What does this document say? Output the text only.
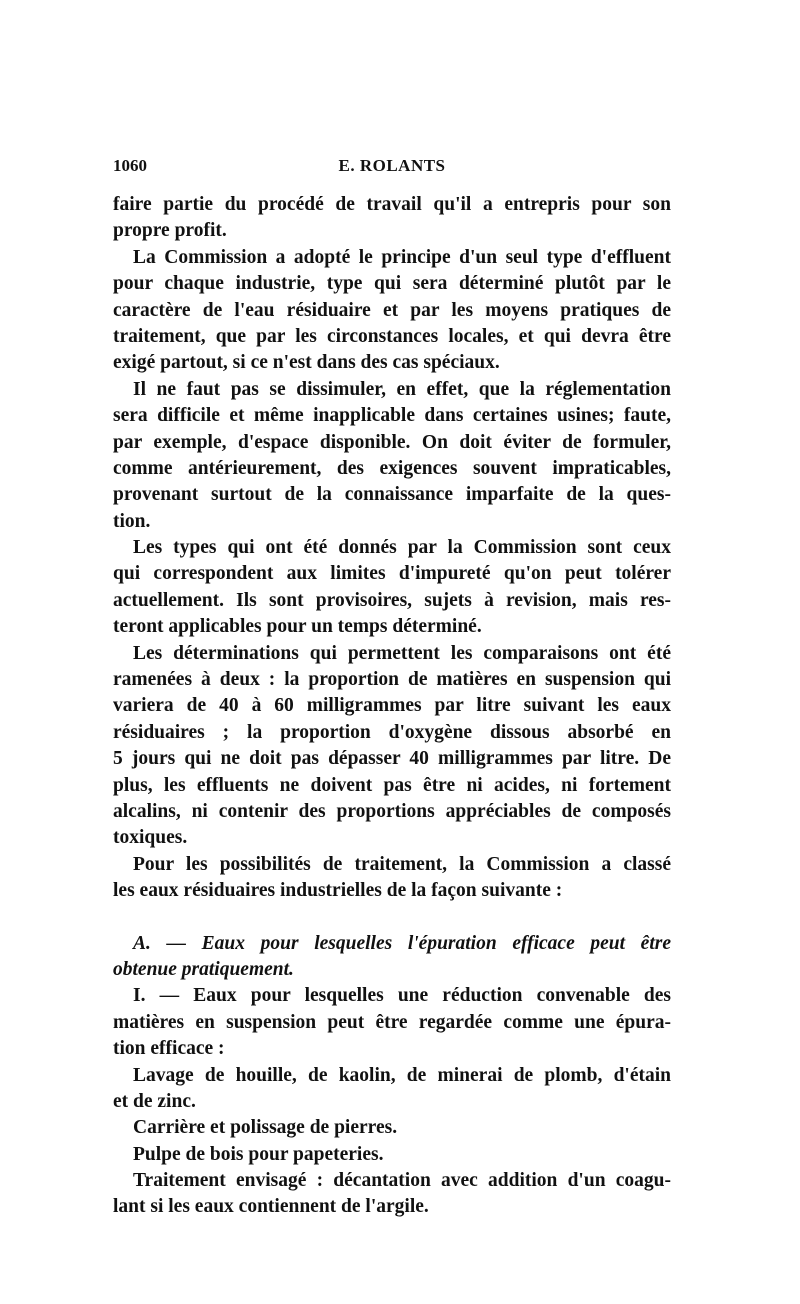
1060	E. ROLANTS
faire partie du procédé de travail qu'il a entrepris pour son
propre profit.
La Commission a adopté le principe d'un seul type d'effluent
pour chaque industrie, type qui sera déterminé plutôt par le
caractère de l'eau résiduaire et par les moyens pratiques de
traitement, que par les circonstances locales, et qui devra être
exigé partout, si ce n'est dans des cas spéciaux.
Il ne faut pas se dissimuler, en effet, que la réglementation
sera difficile et même inapplicable dans certaines usines; faute,
par exemple, d'espace disponible. On doit éviter de formuler,
comme antérieurement, des exigences souvent impraticables,
provenant surtout de la connaissance imparfaite de la ques-
tion.
Les types qui ont été donnés par la Commission sont ceux
qui correspondent aux limites d'impureté qu'on peut tolérer
actuellement. Ils sont provisoires, sujets à revision, mais res-
teront applicables pour un temps déterminé.
Les déterminations qui permettent les comparaisons ont été
ramenées à deux : la proportion de matières en suspension qui
variera de 40 à 60 milligrammes par litre suivant les eaux
résiduaires ; la proportion d'oxygène dissous absorbé en
5 jours qui ne doit pas dépasser 40 milligrammes par litre. De
plus, les effluents ne doivent pas être ni acides, ni fortement
alcalins, ni contenir des proportions appréciables de composés
toxiques.
Pour les possibilités de traitement, la Commission a classé
les eaux résiduaires industrielles de la façon suivante :
A. — Eaux pour lesquelles l'épuration efficace peut être
obtenue pratiquement.
I. — Eaux pour lesquelles une réduction convenable des
matières en suspension peut être regardée comme une épura-
tion efficace :
Lavage de houille, de kaolin, de minerai de plomb, d'étain
et de zinc.
Carrière et polissage de pierres.
Pulpe de bois pour papeteries.
Traitement envisagé : décantation avec addition d'un coagu-
lant si les eaux contiennent de l'argile.
